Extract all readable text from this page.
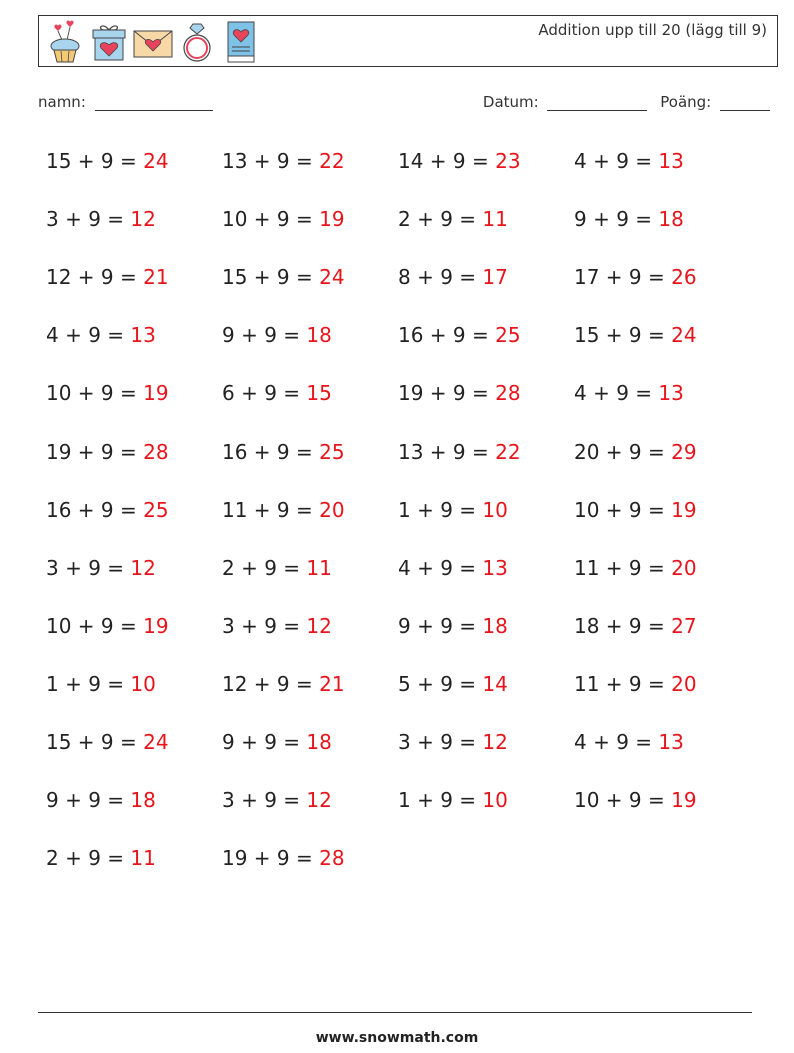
Addition upp till 20 (lägg till 9)
namn:	Datum:	Poäng:
15 + 9 = 24	13 + 9 = 22	14 + 9 = 23	4 + 9 = 13
3 + 9 = 12	10 + 9 = 19	2 + 9 = 11	9 + 9 = 18
12 + 9 = 21	15 + 9 = 24	8 + 9 = 17	17 + 9 = 26
4 + 9 = 13	9 + 9 = 18	16 + 9 = 25	15 + 9 = 24
10 + 9 = 19	6 + 9 = 15	19 + 9 = 28	4 + 9 = 13
19 + 9 = 28	16 + 9 = 25	13 + 9 = 22	20 + 9 = 29
16 + 9 = 25	11 + 9 = 20	1 + 9 = 10	10 + 9 = 19
3 + 9 = 12	2 + 9 = 11	4 + 9 = 13	11 + 9 = 20
10 + 9 = 19	3 + 9 = 12	9 + 9 = 18	18 + 9 = 27
1 + 9 = 10	12 + 9 = 21	5 + 9 = 14	11 + 9 = 20
15 + 9 = 24	9 + 9 = 18	3 + 9 = 12	4 + 9 = 13
9 + 9 = 18	3 + 9 = 12	1 + 9 = 10	10 + 9 = 19
2 + 9 = 11	19 + 9 = 28
www.snowmath.com
